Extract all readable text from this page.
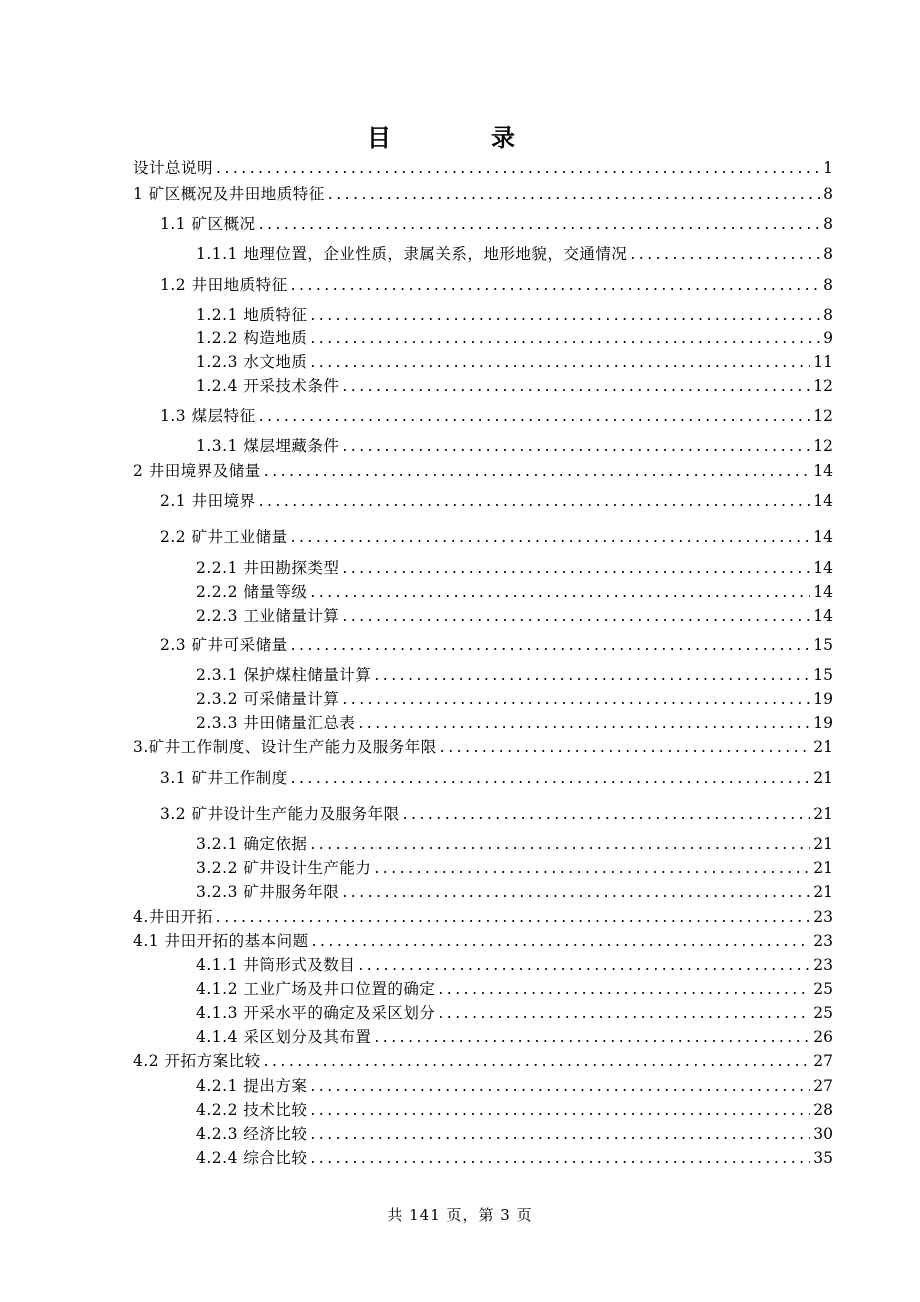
目　录
设计总说明 .....	1
1 矿区概况及井田地质特征 .....	8
1.1 矿区概况 .....	8
1.1.1 地理位置，企业性质，隶属关系，地形地貌，交通情况 .....	8
1.2 井田地质特征 .....	8
1.2.1 地质特征 .....	8
1.2.2 构造地质 .....	9
1.2.3 水文地质 .....	11
1.2.4 开采技术条件 .....	12
1.3 煤层特征 .....	12
1.3.1 煤层埋藏条件 .....	12
2 井田境界及储量 .....	14
2.1 井田境界 .....	14
2.2 矿井工业储量 .....	14
2.2.1 井田勘探类型 .....	14
2.2.2 储量等级 .....	14
2.2.3 工业储量计算 .....	14
2.3 矿井可采储量 .....	15
2.3.1 保护煤柱储量计算 .....	15
2.3.2 可采储量计算 .....	19
2.3.3 井田储量汇总表 .....	19
3.矿井工作制度、设计生产能力及服务年限 .....	21
3.1 矿井工作制度 .....	21
3.2 矿井设计生产能力及服务年限 .....	21
3.2.1 确定依据 .....	21
3.2.2 矿井设计生产能力 .....	21
3.2.3 矿井服务年限 .....	21
4.井田开拓 .....	23
4.1 井田开拓的基本问题 .....	23
4.1.1 井筒形式及数目 .....	23
4.1.2 工业广场及井口位置的确定 .....	25
4.1.3 开采水平的确定及采区划分 .....	25
4.1.4 采区划分及其布置 .....	26
4.2 开拓方案比较 .....	27
4.2.1 提出方案 .....	27
4.2.2 技术比较 .....	28
4.2.3 经济比较 .....	30
4.2.4 综合比较 .....	35
共 141 页，第 3 页
